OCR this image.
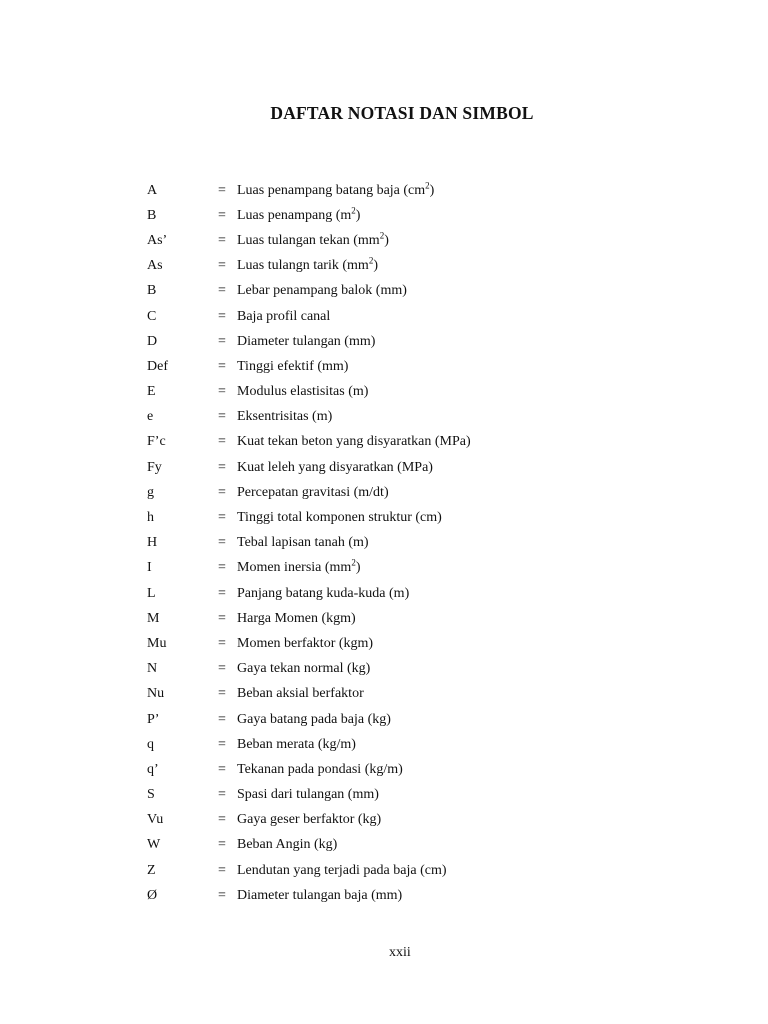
DAFTAR NOTASI DAN SIMBOL
A	= Luas penampang batang baja $(cm^2)$
B	= Luas penampang $(m^2)$
As’	= Luas tulangan tekan $(mm^2)$
As	= Luas tulangn tarik $(mm^2)$
B	= Lebar penampang balok (mm)
C	= Baja profil canal
D	= Diameter tulangan (mm)
Def	= Tinggi efektif (mm)
E	= Modulus elastisitas (m)
e	= Eksentrisitas (m)
F’c	= Kuat tekan beton yang disyaratkan (MPa)
Fy	= Kuat leleh yang disyaratkan (MPa)
g	= Percepatan gravitasi (m/dt)
h	= Tinggi total komponen struktur (cm)
H	= Tebal lapisan tanah (m)
I	= Momen inersia $(mm^2)$
L	= Panjang batang kuda-kuda (m)
M	= Harga Momen (kgm)
Mu	= Momen berfaktor (kgm)
N	= Gaya tekan normal (kg)
Nu	= Beban aksial berfaktor
P’	= Gaya batang pada baja (kg)
q	= Beban merata (kg/m)
q’	= Tekanan pada pondasi (kg/m)
S	= Spasi dari tulangan (mm)
Vu	= Gaya geser berfaktor (kg)
W	= Beban Angin (kg)
Z	= Lendutan yang terjadi pada baja (cm)
Ø	= Diameter tulangan baja (mm)
xxii
